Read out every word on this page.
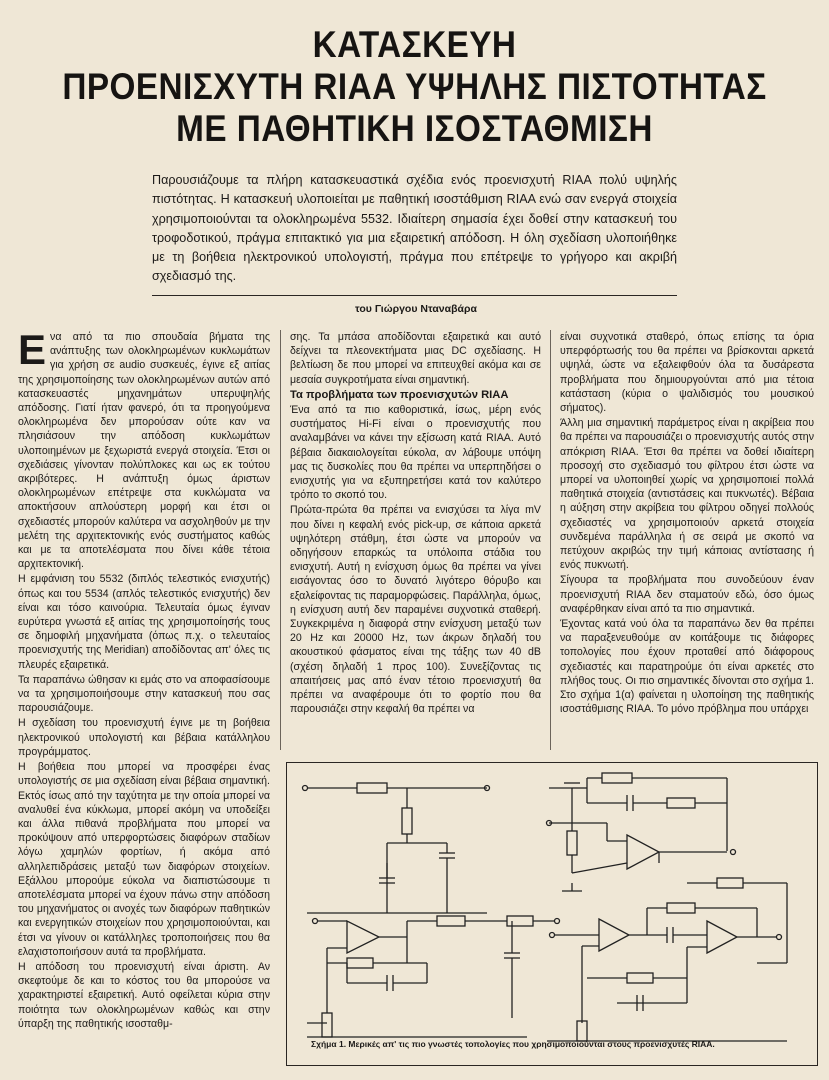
ΚΑΤΑΣΚΕΥΗ
ΠΡΟΕΝΙΣΧΥΤΗ RIAA ΥΨΗΛΗΣ ΠΙΣΤΟΤΗΤΑΣ
ΜΕ ΠΑΘΗΤΙΚΗ ΙΣΟΣΤΑΘΜΙΣΗ
Παρουσιάζουμε τα πλήρη κατασκευαστικά σχέδια ενός προενισχυτή RIAA πολύ υψηλής πιστότητας. Η κατασκευή υλοποιείται με παθητική ισοστάθμιση RIAA ενώ σαν ενεργά στοιχεία χρησιμοποιούνται τα ολοκληρωμένα 5532. Ιδιαίτερη σημασία έχει δοθεί στην κατασκευή του τροφοδοτικού, πράγμα επιτακτικό για μια εξαιρετική απόδοση. Η όλη σχεδίαση υλοποιήθηκε με τη βοήθεια ηλεκτρονικού υπολογιστή, πράγμα που επέτρεψε το γρήγορο και ακριβή σχεδιασμό της.
του Γιώργου Νταναβάρα

Ενα από τα πιο σπουδαία βήματα της ανάπτυξης των ολοκληρωμένων κυκλωμάτων για χρήση σε audio συσκευές, έγινε εξ αιτίας της χρησιμοποίησης των ολοκληρωμένων αυτών από κατασκευαστές μηχανημάτων υπερυψηλής απόδοσης. Γιατί ήταν φανερό, ότι τα προηγούμενα ολοκληρωμένα δεν μπορούσαν ούτε καν να πλησιάσουν την απόδοση κυκλωμάτων υλοποιημένων με ξεχωριστά ενεργά στοιχεία. Έτσι οι σχεδιάσεις γίνονταν πολύπλοκες και ως εκ τούτου ακριβότερες. Η ανάπτυξη όμως άριστων ολοκληρωμένων επέτρεψε στα κυκλώματα να αποκτήσουν απλούστερη μορφή και έτσι οι σχεδιαστές μπορούν καλύτερα να ασχοληθούν με την μελέτη της αρχιτεκτονικής ενός συστήματος καθώς και με τα αποτελέσματα που δίνει κάθε τέτοια αρχιτεκτονική.

Η εμφάνιση του 5532 (διπλός τελεστικός ενισχυτής) όπως και του 5534 (απλός τελεστικός ενισχυτής) δεν είναι και τόσο καινούρια. Τελευταία όμως έγιναν ευρύτερα γνωστά εξ αιτίας της χρησιμοποίησής τους σε δημοφιλή μηχανήματα (όπως π.χ. ο τελευταίος προενισχυτής της Meridian) αποδίδοντας απ' όλες τις πλευρές εξαιρετικά.

Τα παραπάνω ώθησαν κι εμάς στο να αποφασίσουμε να τα χρησιμοποιήσουμε στην κατασκευή που σας παρουσιάζουμε.

Η σχεδίαση του προενισχυτή έγινε με τη βοήθεια ηλεκτρονικού υπολογιστή και βέβαια κατάλληλου προγράμματος.

Η βοήθεια που μπορεί να προσφέρει ένας υπολογιστής σε μια σχεδίαση είναι βέβαια σημαντική. Εκτός ίσως από την ταχύτητα με την οποία μπορεί να αναλυθεί ένα κύκλωμα, μπορεί ακόμη να υποδείξει και άλλα πιθανά προβλήματα που μπορεί να προκύψουν από υπερφορτώσεις διαφόρων σταδίων λόγω χαμηλών φορτίων, ή ακόμα από αλληλεπιδράσεις μεταξύ των διαφόρων στοιχείων. Εξάλλου μπορούμε εύκολα να διαπιστώσουμε τι αποτελέσματα μπορεί να έχουν πάνω στην απόδοση του μηχανήματος οι ανοχές των διαφόρων παθητικών και ενεργητικών στοιχείων που χρησιμοποιούνται, και έτσι να γίνουν οι κατάλληλες τροποποιήσεις που θα ελαχιστοποιήσουν αυτά τα προβλήματα.

Η απόδοση του προενισχυτή είναι άριστη. Αν σκεφτούμε δε και το κόστος του θα μπορούσε να χαρακτηριστεί εξαιρετική. Αυτό οφείλεται κύρια στην ποιότητα των ολοκληρωμένων καθώς και στην ύπαρξη της παθητικής ισοσταθμ-

σης. Τα μπάσα αποδίδονται εξαιρετικά και αυτό δείχνει τα πλεονεκτήματα μιας DC σχεδίασης. Η βελτίωση δε που μπορεί να επιτευχθεί ακόμα και σε μεσαία συγκροτήματα είναι σημαντική.

Τα προβλήματα των προενισχυτών RIAA

Ένα από τα πιο καθοριστικά, ίσως, μέρη ενός συστήματος Hi-Fi είναι ο προενισχυτής που αναλαμβάνει να κάνει την εξίσωση κατά RIAA. Αυτό βέβαια διακαιολογείται εύκολα, αν λάβουμε υπόψη μας τις δυσκολίες που θα πρέπει να υπερπηδήσει ο ενισχυτής για να εξυπηρετήσει κατά τον καλύτερο τρόπο το σκοπό του.

Πρώτα-πρώτα θα πρέπει να ενισχύσει τα λίγα mV που δίνει η κεφαλή ενός pick-up, σε κάποια αρκετά υψηλότερη στάθμη, έτσι ώστε να μπορούν να οδηγήσουν επαρκώς τα υπόλοιπα στάδια του ενισχυτή. Αυτή η ενίσχυση όμως θα πρέπει να γίνει εισάγοντας όσο το δυνατό λιγότερο θόρυβο και εξαλείφοντας τις παραμορφώσεις. Παράλληλα, όμως, η ενίσχυση αυτή δεν παραμένει συχνοτικά σταθερή. Συγκεκριμένα η διαφορά στην ενίσχυση μεταξύ των 20 Hz και 20000 Hz, των άκρων δηλαδή του ακουστικού φάσματος είναι της τάξης των 40 dB (σχέση δηλαδή 1 προς 100). Συνεξίζοντας τις απαιτήσεις μας από έναν τέτοιο προενισχυτή θα πρέπει να αναφέρουμε ότι το φορτίο που θα παρουσιάζει στην κεφαλή θα πρέπει να

είναι συχνοτικά σταθερό, όπως επίσης τα όρια υπερφόρτωσής του θα πρέπει να βρίσκονται αρκετά υψηλά, ώστε να εξαλειφθούν όλα τα δυσάρεστα προβλήματα που δημιουργούνται από μια τέτοια κατάσταση (κύρια ο ψαλιδισμός του μουσικού σήματος).

Άλλη μια σημαντική παράμετρος είναι η ακρίβεια που θα πρέπει να παρουσιάζει ο προενισχυτής αυτός στην απόκριση RIAA. Έτσι θα πρέπει να δοθεί ιδιαίτερη προσοχή στο σχεδιασμό του φίλτρου έτσι ώστε να μπορεί να υλοποιηθεί χωρίς να χρησιμοποιεί πολλά παθητικά στοιχεία (αντιστάσεις και πυκνωτές). Βέβαια η αύξηση στην ακρίβεια του φίλτρου οδηγεί πολλούς σχεδιαστές να χρησιμοποιούν αρκετά στοιχεία συνδεμένα παράλληλα ή σε σειρά με σκοπό να πετύχουν ακριβώς την τιμή κάποιας αντίστασης ή ενός πυκνωτή.

Σίγουρα τα προβλήματα που συνοδεύουν έναν προενισχυτή RIAA δεν σταματούν εδώ, όσο όμως αναφέρθηκαν είναι από τα πιο σημαντικά.

Έχοντας κατά νού όλα τα παραπάνω δεν θα πρέπει να παραξενευθούμε αν κοιτάξουμε τις διάφορες τοπολογίες που έχουν προταθεί από διάφορους σχεδιαστές και παρατηρούμε ότι είναι αρκετές στο πλήθος τους. Οι πιο σημαντικές δίνονται στο σχήμα 1. Στο σχήμα 1(α) φαίνεται η υλοποίηση της παθητικής ισοστάθμισης RIAA. Το μόνο πρόβλημα που υπάρχει

Σχήμα 1. Μερικές απ' τις πιο γνωστές τοπολογίες που χρησιμοποιούνται στους προενισχυτές RIAA.
